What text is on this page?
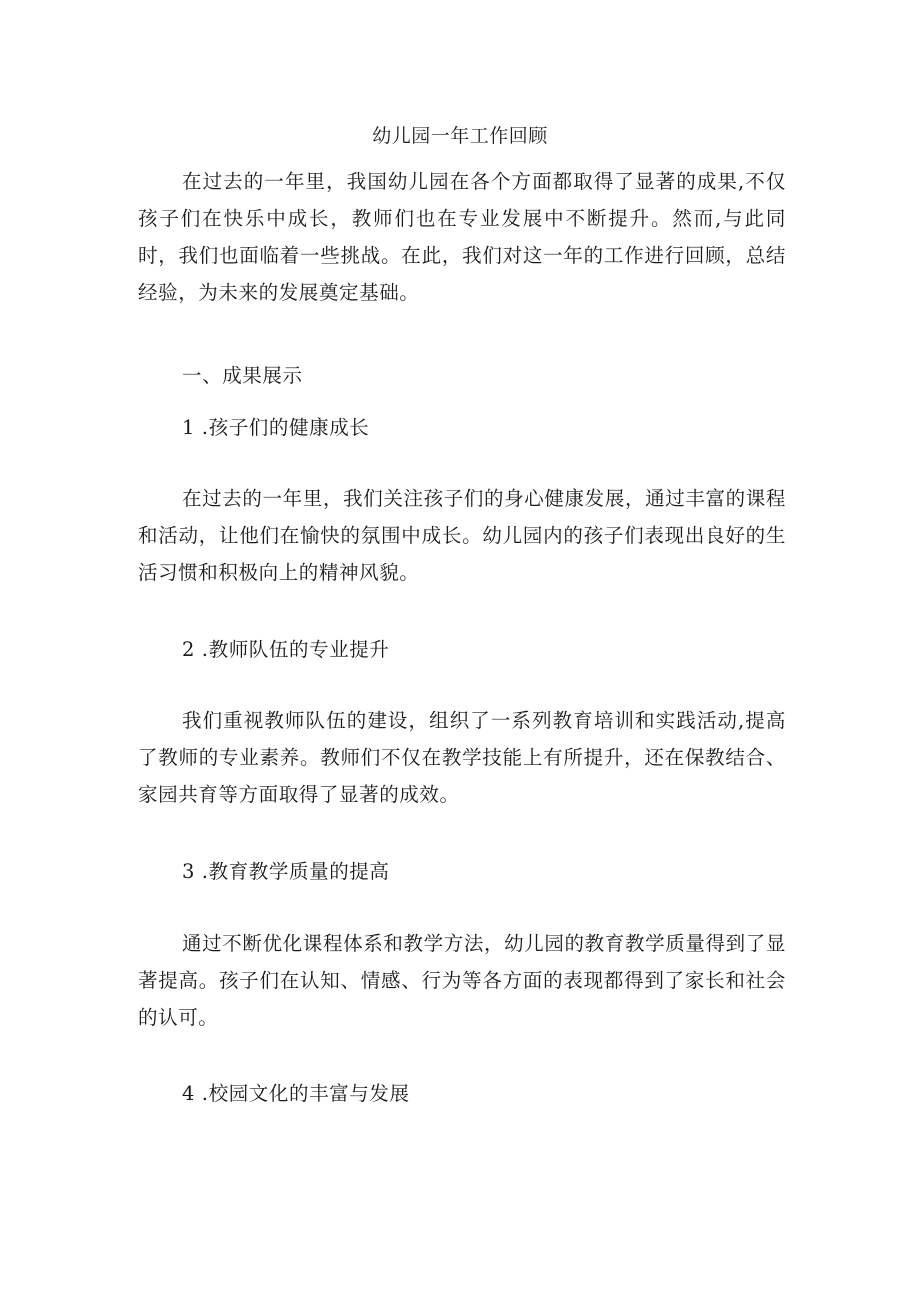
幼儿园一年工作回顾

在过去的一年里，我国幼儿园在各个方面都取得了显著的成果,不仅孩子们在快乐中成长，教师们也在专业发展中不断提升。然而,与此同时，我们也面临着一些挑战。在此，我们对这一年的工作进行回顾，总结经验，为未来的发展奠定基础。

一、成果展示

1 .孩子们的健康成长

在过去的一年里，我们关注孩子们的身心健康发展，通过丰富的课程和活动，让他们在愉快的氛围中成长。幼儿园内的孩子们表现出良好的生活习惯和积极向上的精神风貌。

2 .教师队伍的专业提升

我们重视教师队伍的建设，组织了一系列教育培训和实践活动,提高了教师的专业素养。教师们不仅在教学技能上有所提升，还在保教结合、家园共育等方面取得了显著的成效。

3 .教育教学质量的提高

通过不断优化课程体系和教学方法，幼儿园的教育教学质量得到了显著提高。孩子们在认知、情感、行为等各方面的表现都得到了家长和社会的认可。

4 .校园文化的丰富与发展
